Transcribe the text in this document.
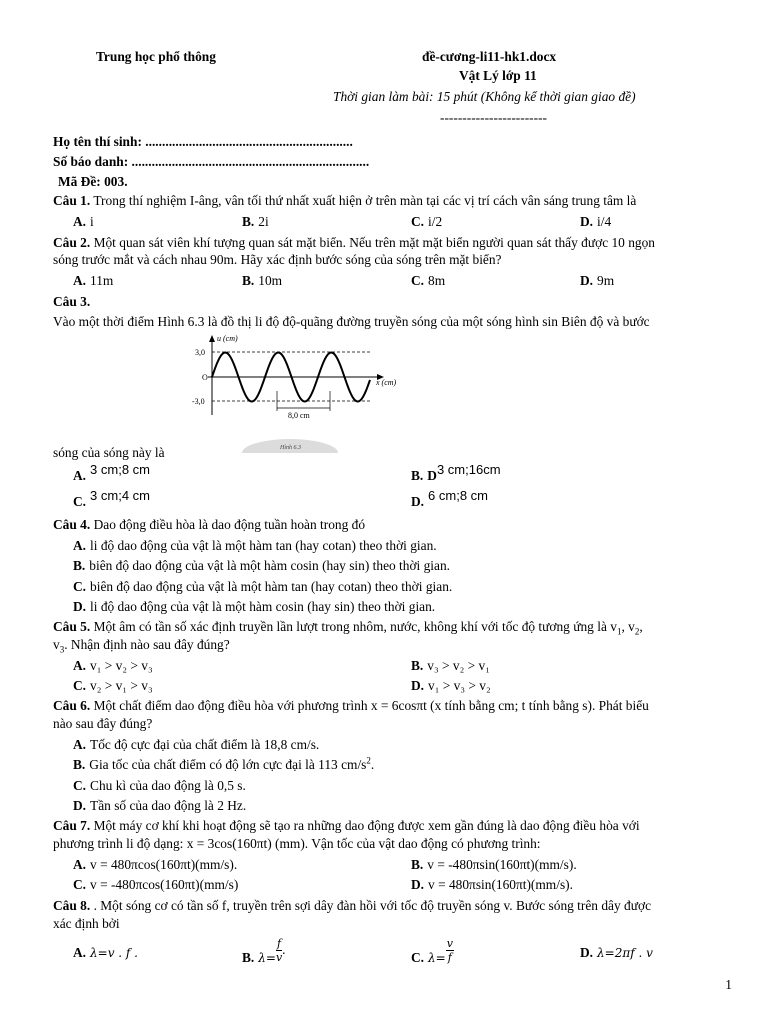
Trung học phổ thông	đề-cương-li11-hk1.docx
Vật Lý lớp 11
Thời gian làm bài: 15 phút (Không kể thời gian giao đề)
------------------------
Họ tên thí sinh: ..............................................................
Số báo danh: .......................................................................
Mã Đề: 003.
Câu 1. Trong thí nghiệm I-âng, vân tối thứ nhất xuất hiện ở trên màn tại các vị trí cách vân sáng trung tâm là
A. i	B. 2i	C. i/2	D. i/4
Câu 2. Một quan sát viên khí tượng quan sát mặt biển. Nếu trên mặt mặt biển người quan sát thấy được 10 ngọn
sóng trước mắt và cách nhau 90m. Hãy xác định bước sóng của sóng trên mặt biển?
A. 11m	B. 10m	C. 8m	D. 9m
Câu 3.
Vào một thời điểm Hình 6.3 là đồ thị li độ độ-quãng đường truyền sóng của một sóng hình sin Biên độ và bước
u (cm)
x (cm)
3,0
O
-3,0
8,0 cm
Hình 6.3
sóng của sóng này là
A. 3 cm;8 cm	B. D3 cm;16cm
C. 3 cm;4 cm	D. 6 cm;8 cm
Câu 4. Dao động điều hòa là dao động tuần hoàn trong đó
A. li độ dao động của vật là một hàm tan (hay cotan) theo thời gian.
B. biên độ dao động của vật là một hàm cosin (hay sin) theo thời gian.
C. biên độ dao động của vật là một hàm tan (hay cotan) theo thời gian.
D. li độ dao động của vật là một hàm cosin (hay sin) theo thời gian.
Câu 5. Một âm có tần số xác định truyền lần lượt trong nhôm, nước, không khí với tốc độ tương ứng là $v_1$, $v_2$,
$v_3$. Nhận định nào sau đây đúng?
A. v₁ > v₂ > v₃	B. v₃ > v₂ > v₁
C. v₂ > v₁ > v₃	D. v₁ > v₃ > v₂
Câu 6. Một chất điểm dao động điều hòa với phương trình x = 6cosπt (x tính bằng cm; t tính bằng s). Phát biểu
nào sau đây đúng?
A. Tốc độ cực đại của chất điểm là 18,8 cm/s.
B. Gia tốc của chất điểm có độ lớn cực đại là 113 $cm/s^2$.
C. Chu kì của dao động là 0,5 s.
D. Tần số của dao động là 2 Hz.
Câu 7. Một máy cơ khí khi hoạt động sẽ tạo ra những dao động được xem gần đúng là dao động điều hòa với
phương trình li độ dạng: x = 3cos(160πt) (mm). Vận tốc của vật dao động có phương trình:
A. v = 480πcos(160πt)(mm/s).	B. v = -480πsin(160πt)(mm/s).
C. v = -480πcos(160πt)(mm/s)	D. v = 480πsin(160πt)(mm/s).
Câu 8. . Một sóng cơ có tần số f, truyền trên sợi dây đàn hồi với tốc độ truyền sóng v. Bước sóng trên dây được
xác định bởi
A. λ=v . f .	B. $\lambda= \frac{f}{v}$ .
C. $\lambda= \frac{v}{f}$	D. λ=2πf . v
1
